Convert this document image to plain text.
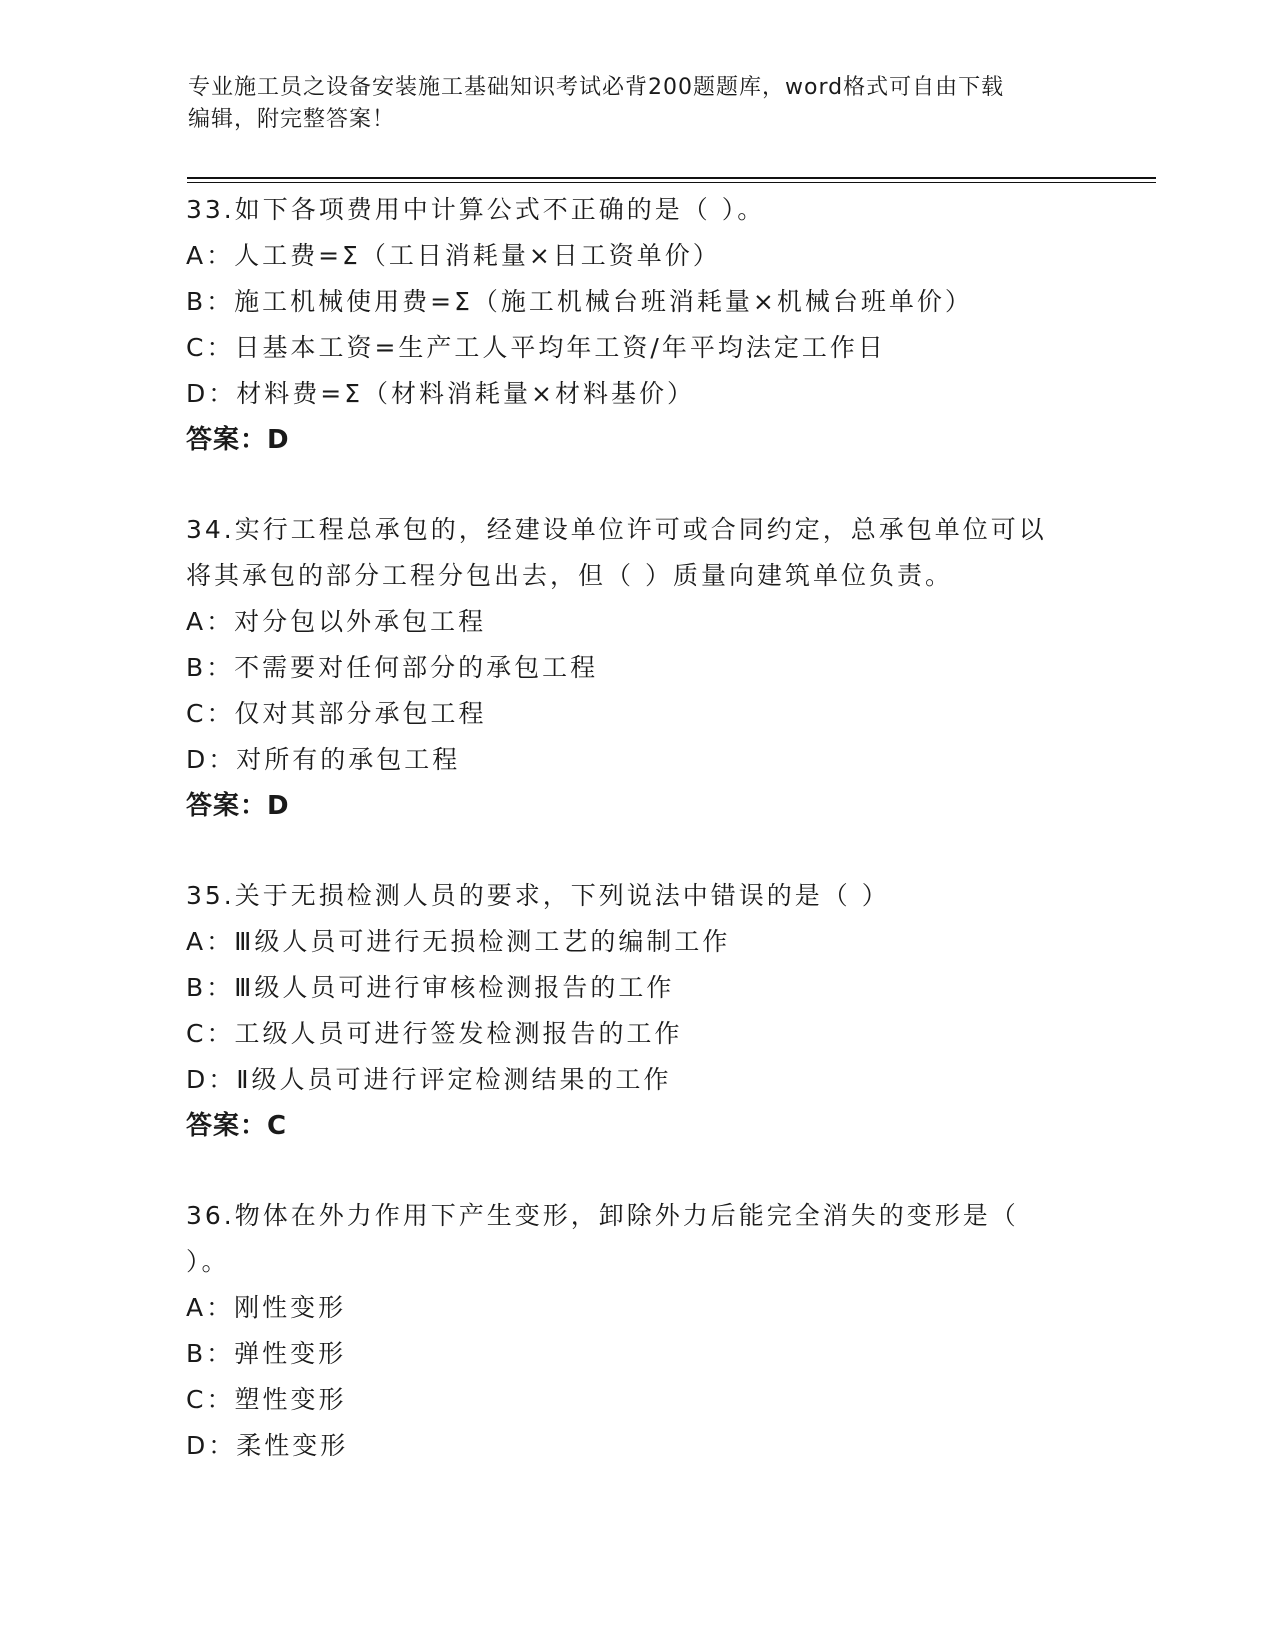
专业施工员之设备安装施工基础知识考试必背200题题库，word格式可自由下载
编辑，附完整答案！
33.如下各项费用中计算公式不正确的是（ ）。
A：人工费=Σ（工日消耗量×日工资单价）
B：施工机械使用费=Σ（施工机械台班消耗量×机械台班单价）
C：日基本工资=生产工人平均年工资/年平均法定工作日
D：材料费=Σ（材料消耗量×材料基价）
答案：D
34.实行工程总承包的，经建设单位许可或合同约定，总承包单位可以
将其承包的部分工程分包出去，但（ ）质量向建筑单位负责。
A：对分包以外承包工程
B：不需要对任何部分的承包工程
C：仅对其部分承包工程
D：对所有的承包工程
答案：D
35.关于无损检测人员的要求，下列说法中错误的是（ ）
A：Ⅲ级人员可进行无损检测工艺的编制工作
B：Ⅲ级人员可进行审核检测报告的工作
C：工级人员可进行签发检测报告的工作
D：Ⅱ级人员可进行评定检测结果的工作
答案：C
36.物体在外力作用下产生变形，卸除外力后能完全消失的变形是（
）。
A：刚性变形
B：弹性变形
C：塑性变形
D：柔性变形
